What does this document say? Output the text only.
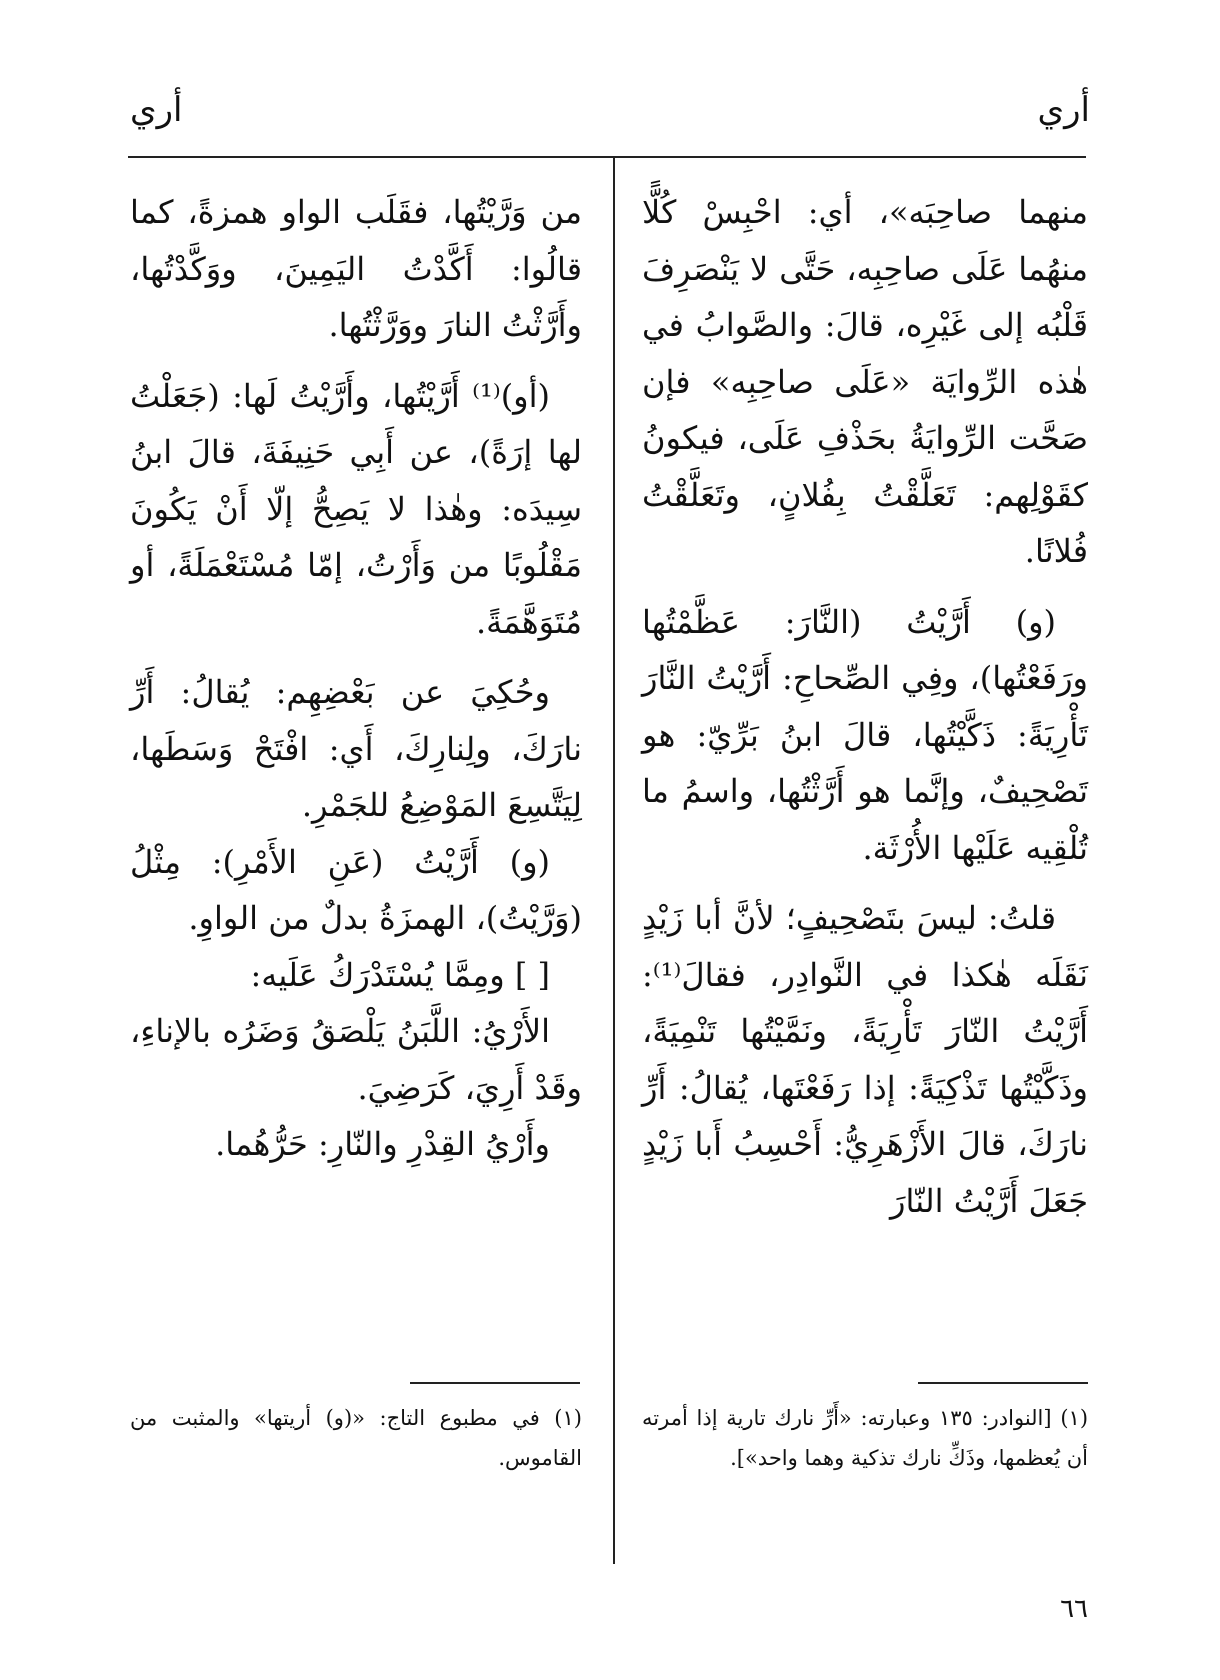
أري
أري

منهما صاحِبَه»، أي: احْبِسْ كُلًّا منهُما عَلَى صاحِبِه، حَتَّى لا يَنْصَرِفَ قَلْبُه إلى غَيْرِه، قالَ: والصَّوابُ في هٰذه الرِّوايَة «عَلَى صاحِبِه» فإن صَحَّت الرِّوايَةُ بحَذْفِ عَلَى، فيكونُ كقَوْلِهم: تَعَلَّقْتُ بِفُلانٍ، وتَعَلَّقْتُ فُلانًا.

(و) أَرَّيْتُ (النَّارَ: عَظَّمْتُها ورَفَعْتُها)، وفِي الصِّحاحِ: أَرَّيْتُ النَّارَ تَأْرِيَةً: ذَكَّيْتُها، قالَ ابنُ بَرِّيّ: هو تَصْحِيفٌ، وإنَّما هو أَرَّثْتُها، واسمُ ما تُلْقِيه عَلَيْها الأُرْثَة.

قلتُ: ليسَ بتَصْحِيفٍ؛ لأنَّ أبا زَيْدٍ نَقَلَه هٰكذا في النَّوادِر، فقالَ⁽¹⁾: أَرَّيْتُ النّارَ تَأْرِيَةً، ونَمَّيْتُها تَنْمِيَةً، وذَكَّيْتُها تَذْكِيَةً: إذا رَفَعْتَها، يُقالُ: أَرِّ نارَكَ، قالَ الأَزْهَرِيُّ: أَحْسِبُ أَبا زَيْدٍ جَعَلَ أَرَّيْتُ النّارَ

من وَرَّيْتُها، فقَلَب الواو همزةً، كما قالُوا: أَكَّدْتُ اليَمِينَ، ووَكَّدْتُها، وأَرَّثْتُ النارَ ووَرَّثْتُها.

(أو)⁽¹⁾ أَرَّيْتُها، وأَرَّيْتُ لَها: (جَعَلْتُ لها إرَةً)، عن أَبِي حَنِيفَةَ، قالَ ابنُ سِيدَه: وهٰذا لا يَصِحُّ إلّا أَنْ يَكُونَ مَقْلُوبًا من وَأَرْتُ، إمّا مُسْتَعْمَلَةً، أو مُتَوَهَّمَةً.

وحُكِيَ عن بَعْضِهِم: يُقالُ: أَرِّ نارَكَ، ولِنارِكَ، أَي: افْتَحْ وَسَطَها، لِيَتَّسِعَ المَوْضِعُ للجَمْرِ.

(و) أَرَّيْتُ (عَنِ الأَمْرِ): مِثْلُ (وَرَّيْتُ)، الهمزَةُ بدلٌ من الواوِ.

[ ] ومِمَّا يُسْتَدْرَكُ عَلَيه:

الأَرْيُ: اللَّبَنُ يَلْصَقُ وَضَرُه بالإناءِ، وقَدْ أَرِيَ، كَرَضِيَ.

وأَرْيُ القِدْرِ والنّارِ: حَرُّهُما.

(١) [النوادر: ١٣٥ وعبارته: «أَرِّ نارك تارية إذا أمرته أن يُعظمها، وذَكِّ نارك تذكية وهما واحد»].

(١) في مطبوع التاج: «(و) أريتها» والمثبت من القاموس.

٦٦
